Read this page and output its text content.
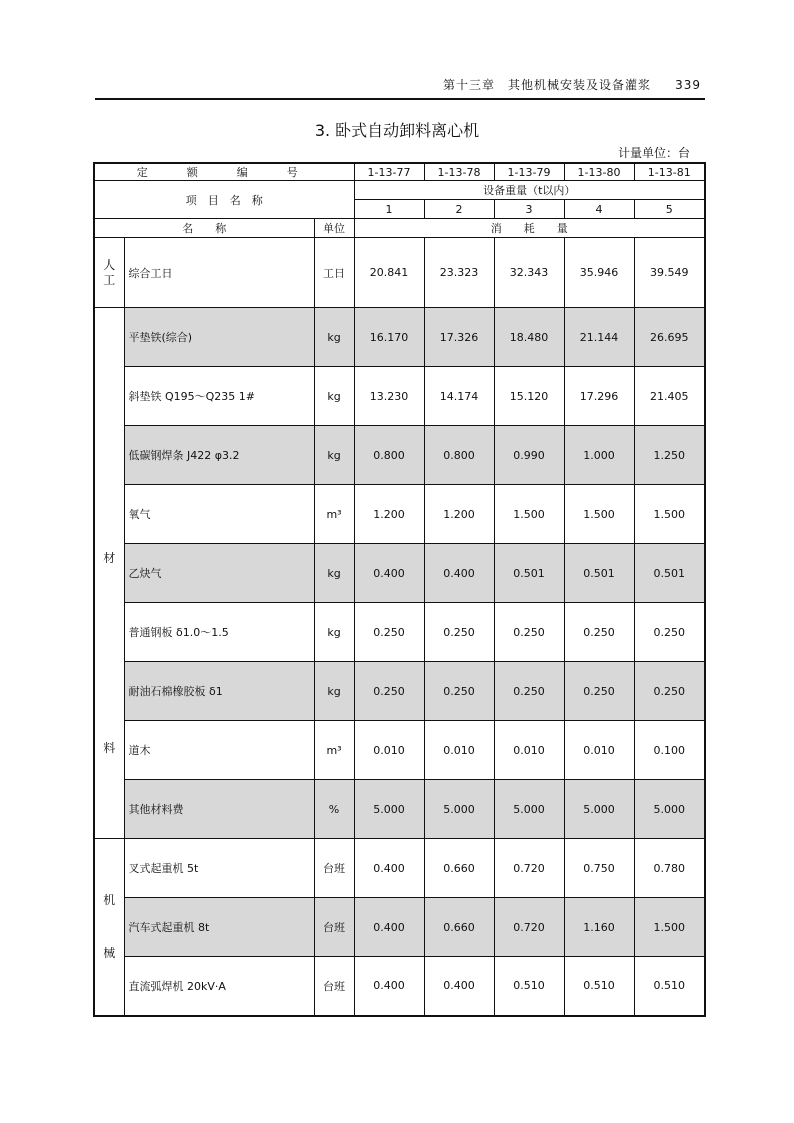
第十三章　其他机械安装及设备灌浆 339
3. 卧式自动卸料离心机
计量单位：台
定　额　编　号			1-13-77	1-13-78	1-13-79	1-13-80	1-13-81
项　目　名　称			设备重量（t以内）				
			1	2	3	4	5
名　　称		单位	消　　耗　　量				
人
工	综合工日	工日	20.841	23.323	32.343	35.946	39.549

材
料	平垫铁(综合)	kg	16.170	17.326	18.480	21.144	26.695
	斜垫铁 Q195～Q235 1#	kg	13.230	14.174	15.120	17.296	21.405
	低碳钢焊条 J422 φ3.2	kg	0.800	0.800	0.990	1.000	1.250
	氧气	m³	1.200	1.200	1.500	1.500	1.500
	乙炔气	kg	0.400	0.400	0.501	0.501	0.501
	普通钢板 δ1.0～1.5	kg	0.250	0.250	0.250	0.250	0.250
	耐油石棉橡胶板 δ1	kg	0.250	0.250	0.250	0.250	0.250
	道木	m³	0.010	0.010	0.010	0.010	0.100
	其他材料费	%	5.000	5.000	5.000	5.000	5.000

机
械	叉式起重机 5t	台班	0.400	0.660	0.720	0.750	0.780
	汽车式起重机 8t	台班	0.400	0.660	0.720	1.160	1.500
	直流弧焊机 20kV·A	台班	0.400	0.400	0.510	0.510	0.510
